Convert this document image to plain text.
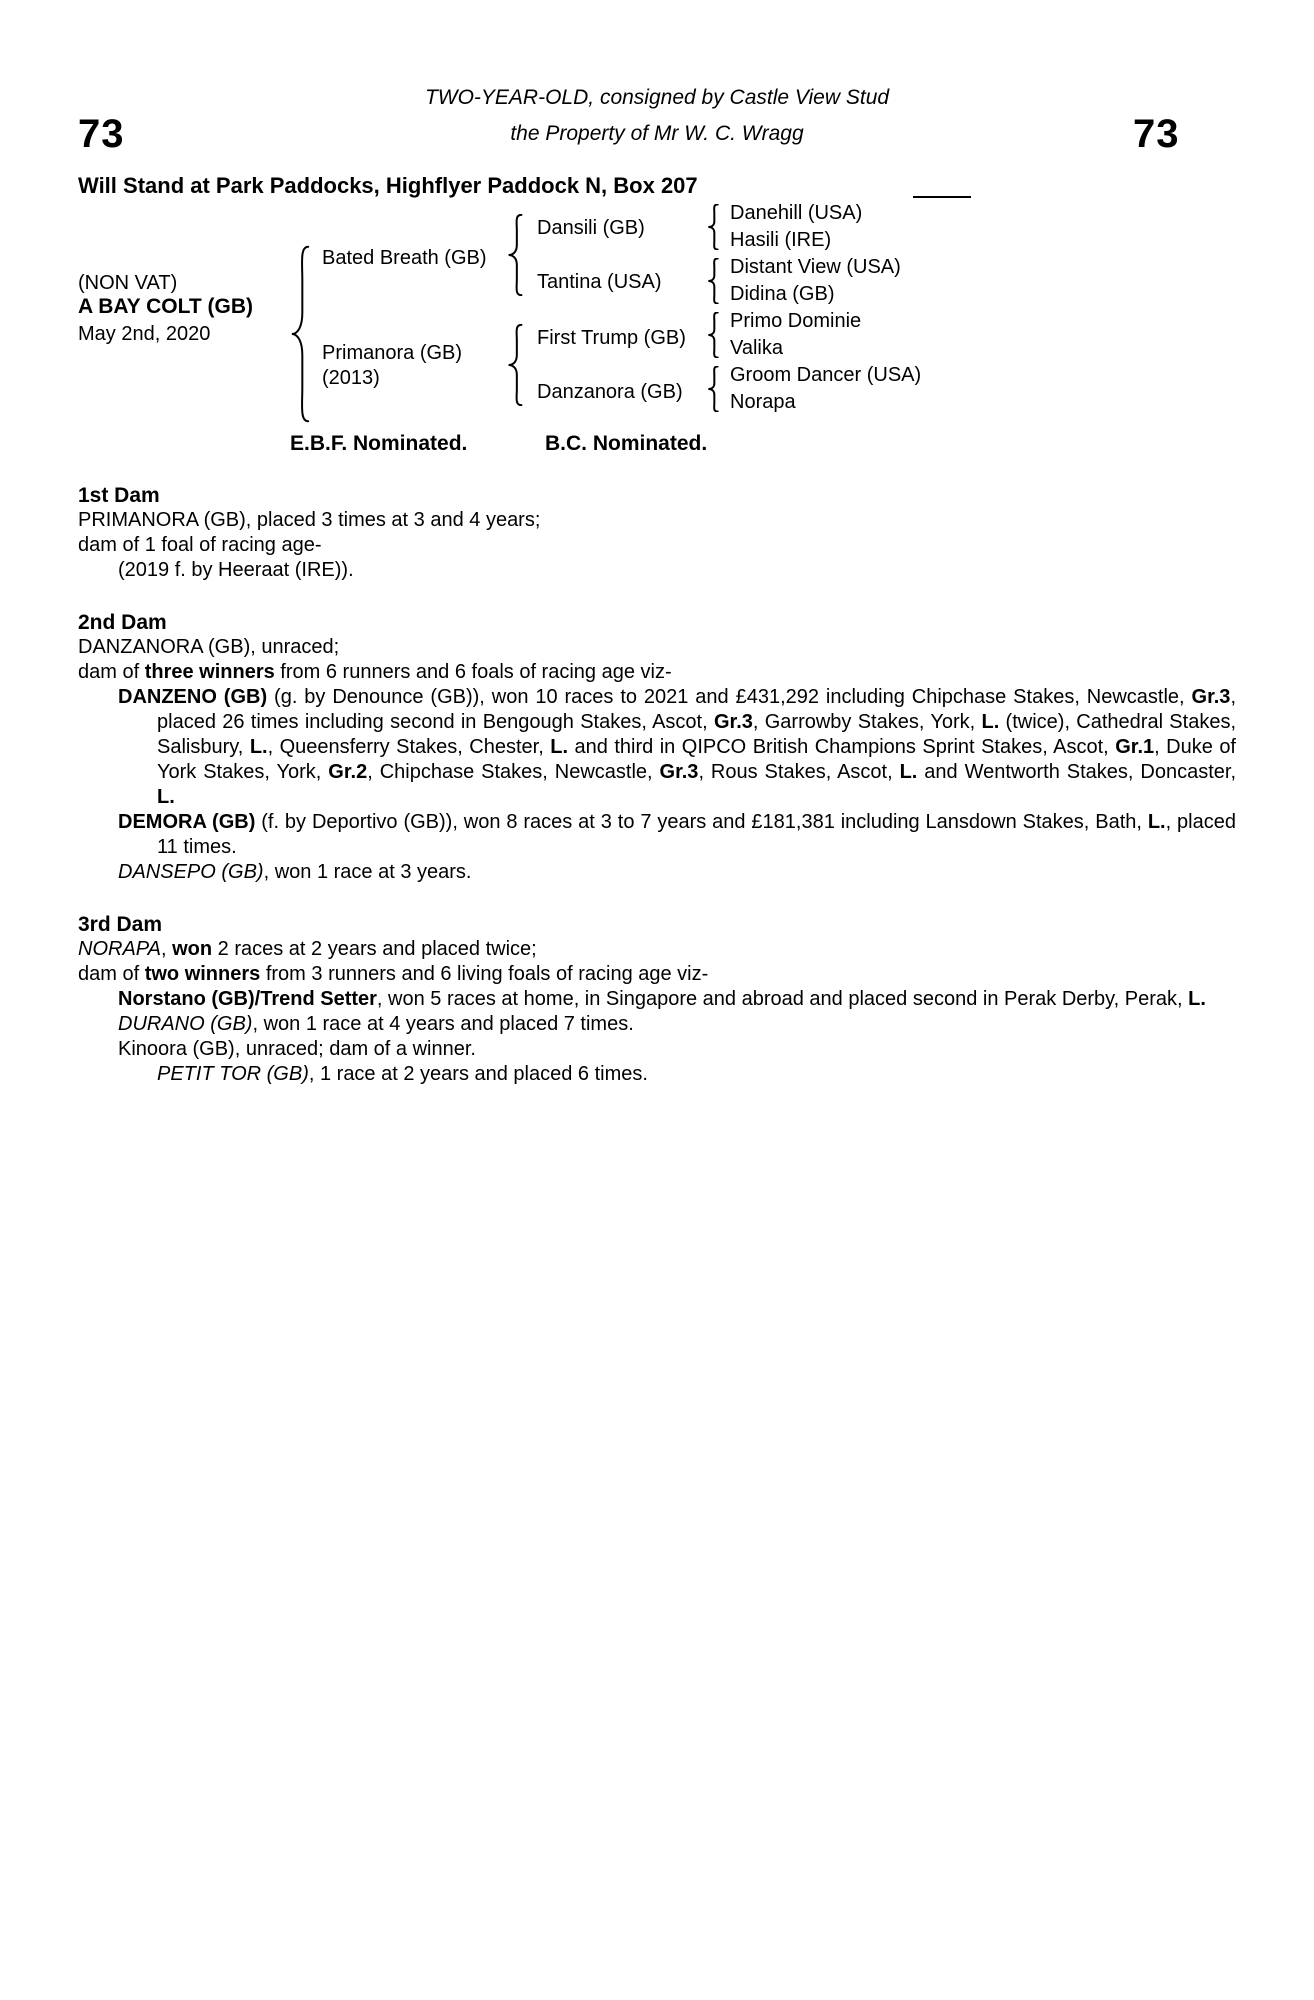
73	73
TWO-YEAR-OLD, consigned by Castle View Stud
the Property of Mr W. C. Wragg
Will Stand at Park Paddocks, Highflyer Paddock N, Box 207
(NON VAT)
A BAY COLT (GB)
May 2nd, 2020
Bated Breath (GB)
Primanora (GB)
(2013)
Dansili (GB)
Tantina (USA)
First Trump (GB)
Danzanora (GB)
Danehill (USA)
Hasili (IRE)
Distant View (USA)
Didina (GB)
Primo Dominie
Valika
Groom Dancer (USA)
Norapa
E.B.F. Nominated.	B.C. Nominated.
1st Dam

PRIMANORA (GB), placed 3 times at 3 and 4 years;

dam of 1 foal of racing age-

(2019 f. by Heeraat (IRE)).

2nd Dam

DANZANORA (GB), unraced;

dam of three winners from 6 runners and 6 foals of racing age viz-

DANZENO (GB) (g. by Denounce (GB)), won 10 races to 2021 and £431,292 including Chipchase Stakes, Newcastle, Gr.3, placed 26 times including second in Bengough Stakes, Ascot, Gr.3, Garrowby Stakes, York, L. (twice), Cathedral Stakes, Salisbury, L., Queensferry Stakes, Chester, L. and third in QIPCO British Champions Sprint Stakes, Ascot, Gr.1, Duke of York Stakes, York, Gr.2, Chipchase Stakes, Newcastle, Gr.3, Rous Stakes, Ascot, L. and Wentworth Stakes, Doncaster, L.

DEMORA (GB) (f. by Deportivo (GB)), won 8 races at 3 to 7 years and £181,381 including Lansdown Stakes, Bath, L., placed 11 times.

DANSEPO (GB), won 1 race at 3 years.

3rd Dam

NORAPA, won 2 races at 2 years and placed twice;

dam of two winners from 3 runners and 6 living foals of racing age viz-

Norstano (GB)/Trend Setter, won 5 races at home, in Singapore and abroad and placed second in Perak Derby, Perak, L.

DURANO (GB), won 1 race at 4 years and placed 7 times.

Kinoora (GB), unraced; dam of a winner.

PETIT TOR (GB), 1 race at 2 years and placed 6 times.
